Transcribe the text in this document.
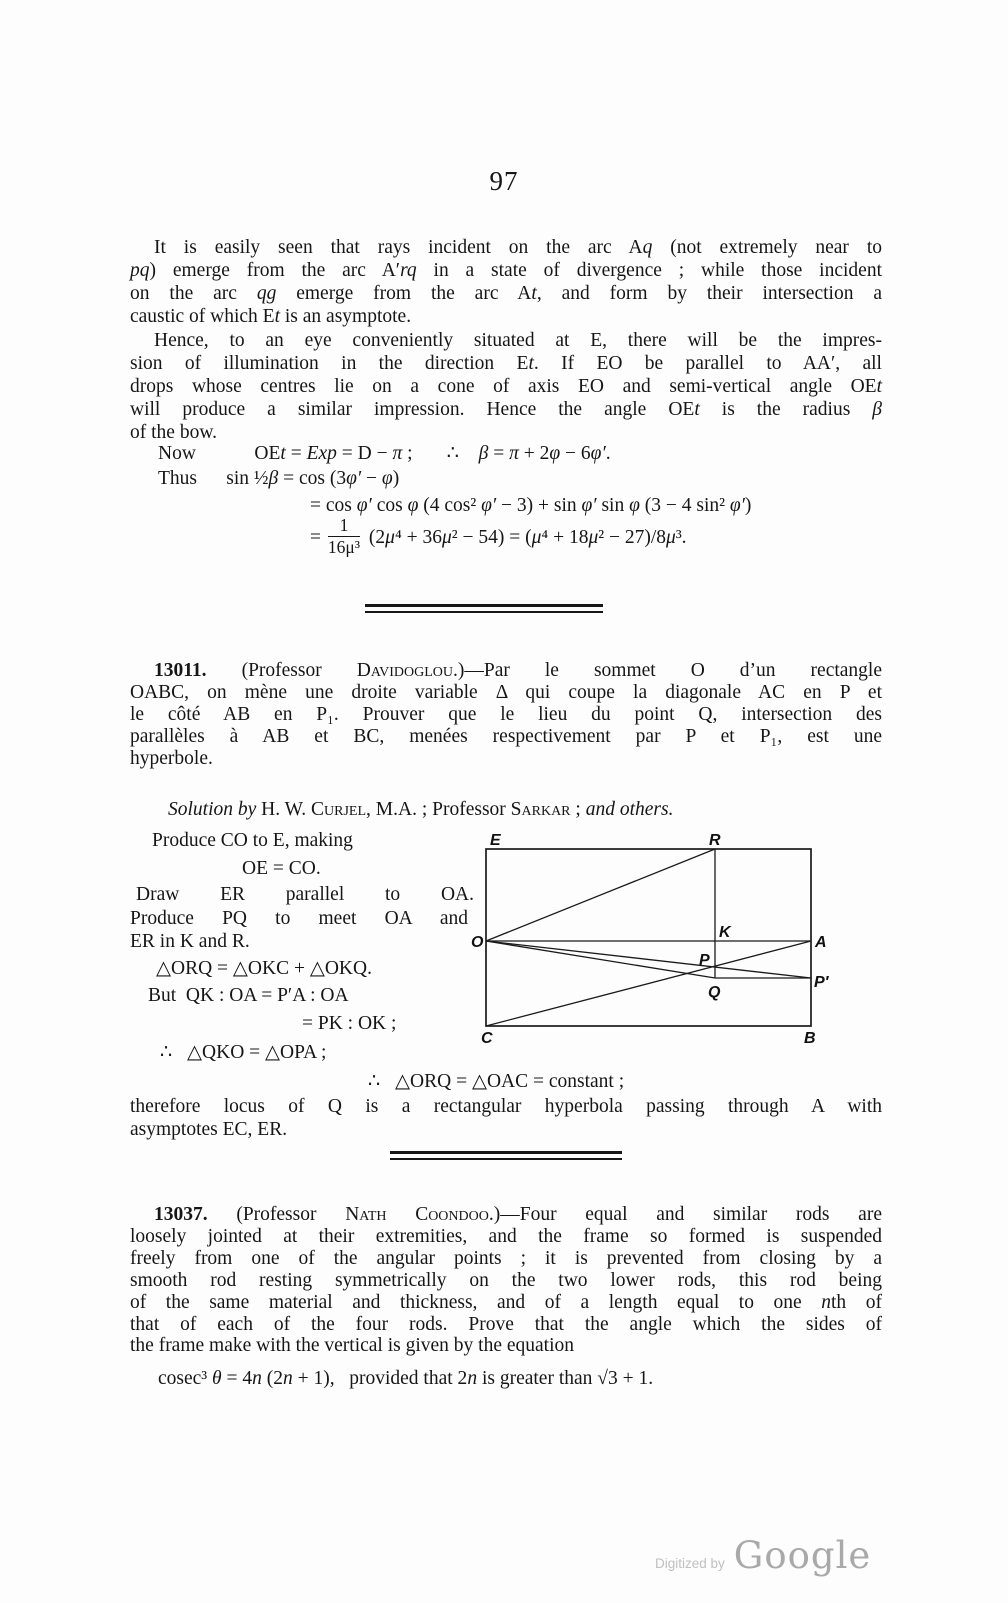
97
It is easily seen that rays incident on the arc Aq (not extremely near to
pq) emerge from the arc A′rq in a state of divergence ; while those incident
on the arc qg emerge from the arc At, and form by their intersection a
caustic of which Et is an asymptote.
Hence, to an eye conveniently situated at E, there will be the impres-
sion of illumination in the direction Et. If EO be parallel to AA′, all
drops whose centres lie on a cone of axis EO and semi-vertical angle OEt
will produce a similar impression. Hence the angle OEt is the radius β
of the bow.
Now            OEt = Exp = D − π ;       ∴    β = π + 2φ − 6φ′.
Thus      sin ½β = cos (3φ′ − φ)
= cos φ′ cos φ (4 cos² φ′ − 3) + sin φ′ sin φ (3 − 4 sin² φ′)
= $\frac{1}{\text{16μ³}} (2\mu^4 + 36\mu^2 - 54) = (\mu^4 + 18\mu^2 - 27)/8\mu^3$.
13011. (Professor Davidoglou.)—Par le sommet O d’un rectangle
OABC, on mène une droite variable Δ qui coupe la diagonale AC en P et
le côté AB en P₁. Prouver que le lieu du point Q, intersection des
parallèles à AB et BC, menées respectivement par P et P₁, est une
hyperbole.
Solution by H. W. Curjel, M.A. ; Professor Sarkar ; and others.
Produce CO to E, making
OE = CO.
Draw ER parallel to OA.
Produce PQ to meet OA and
ER in K and R.
△ORQ = △OKC + △OKQ.
But  QK : OA = P′A : OA
= PK : OK ;
∴   △QKO = △OPA ;
E	R
O	A
K
P
Q
P′
C	B
∴   △ORQ = △OAC = constant ;
therefore locus of Q is a rectangular hyperbola passing through A with
asymptotes EC, ER.
13037. (Professor Nath Coondoo.)—Four equal and similar rods are
loosely jointed at their extremities, and the frame so formed is suspended
freely from one of the angular points ; it is prevented from closing by a
smooth rod resting symmetrically on the two lower rods, this rod being
of the same material and thickness, and of a length equal to one nth of
that of each of the four rods. Prove that the angle which the sides of
the frame make with the vertical is given by the equation
cosec³ θ = 4n (2n + 1),   provided that 2n is greater than √3 + 1.
Digitized by Google
